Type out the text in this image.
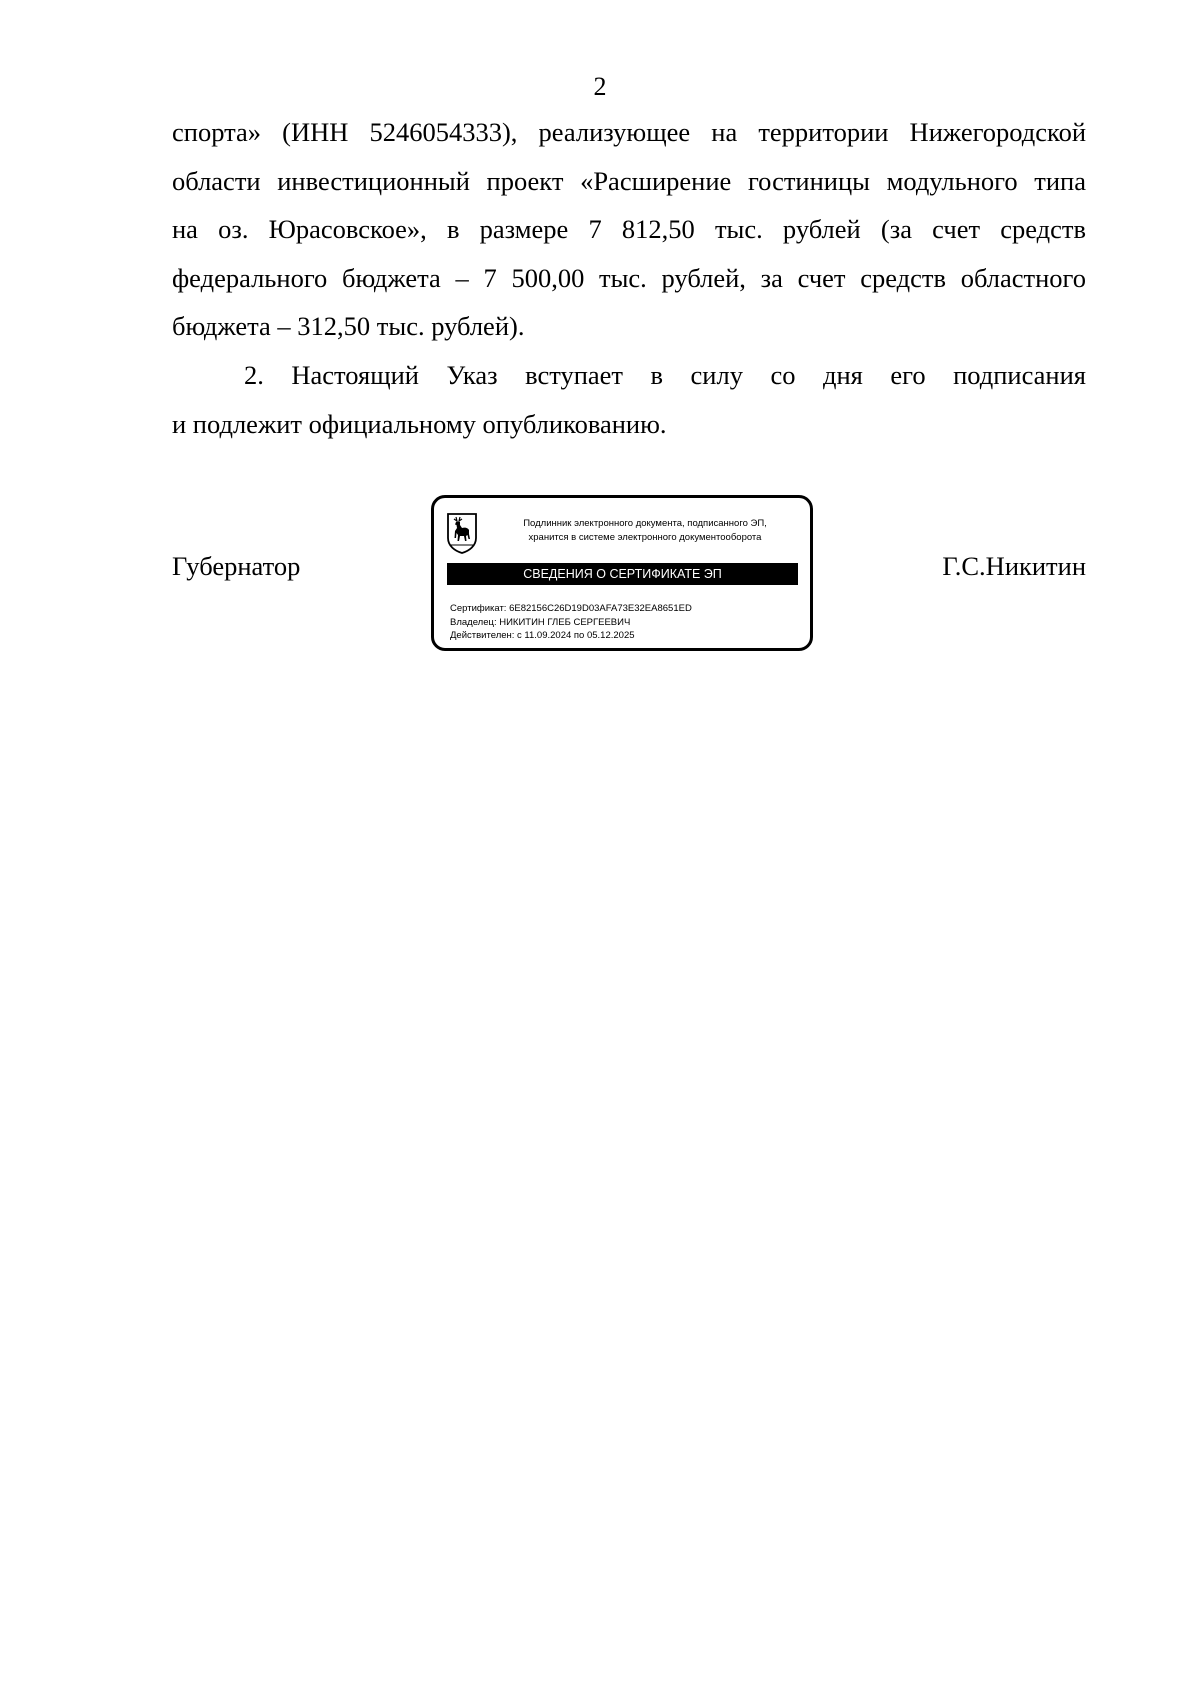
2
спорта» (ИНН 5246054333), реализующее на территории Нижегородской
области инвестиционный проект «Расширение гостиницы модульного типа
на оз. Юрасовское», в размере 7 812,50 тыс. рублей (за счет средств
федерального бюджета – 7 500,00 тыс. рублей, за счет средств областного
бюджета – 312,50 тыс. рублей).
2. Настоящий Указ вступает в силу со дня его подписания
и подлежит официальному опубликованию.
Губернатор	Г.С.Никитин
Подлинник электронного документа, подписанного ЭП,
хранится в системе электронного документооборота
СВЕДЕНИЯ О СЕРТИФИКАТЕ ЭП
Сертификат: 6E82156C26D19D03AFA73E32EA8651ED
Владелец: НИКИТИН ГЛЕБ СЕРГЕЕВИЧ
Действителен: с 11.09.2024 по 05.12.2025
